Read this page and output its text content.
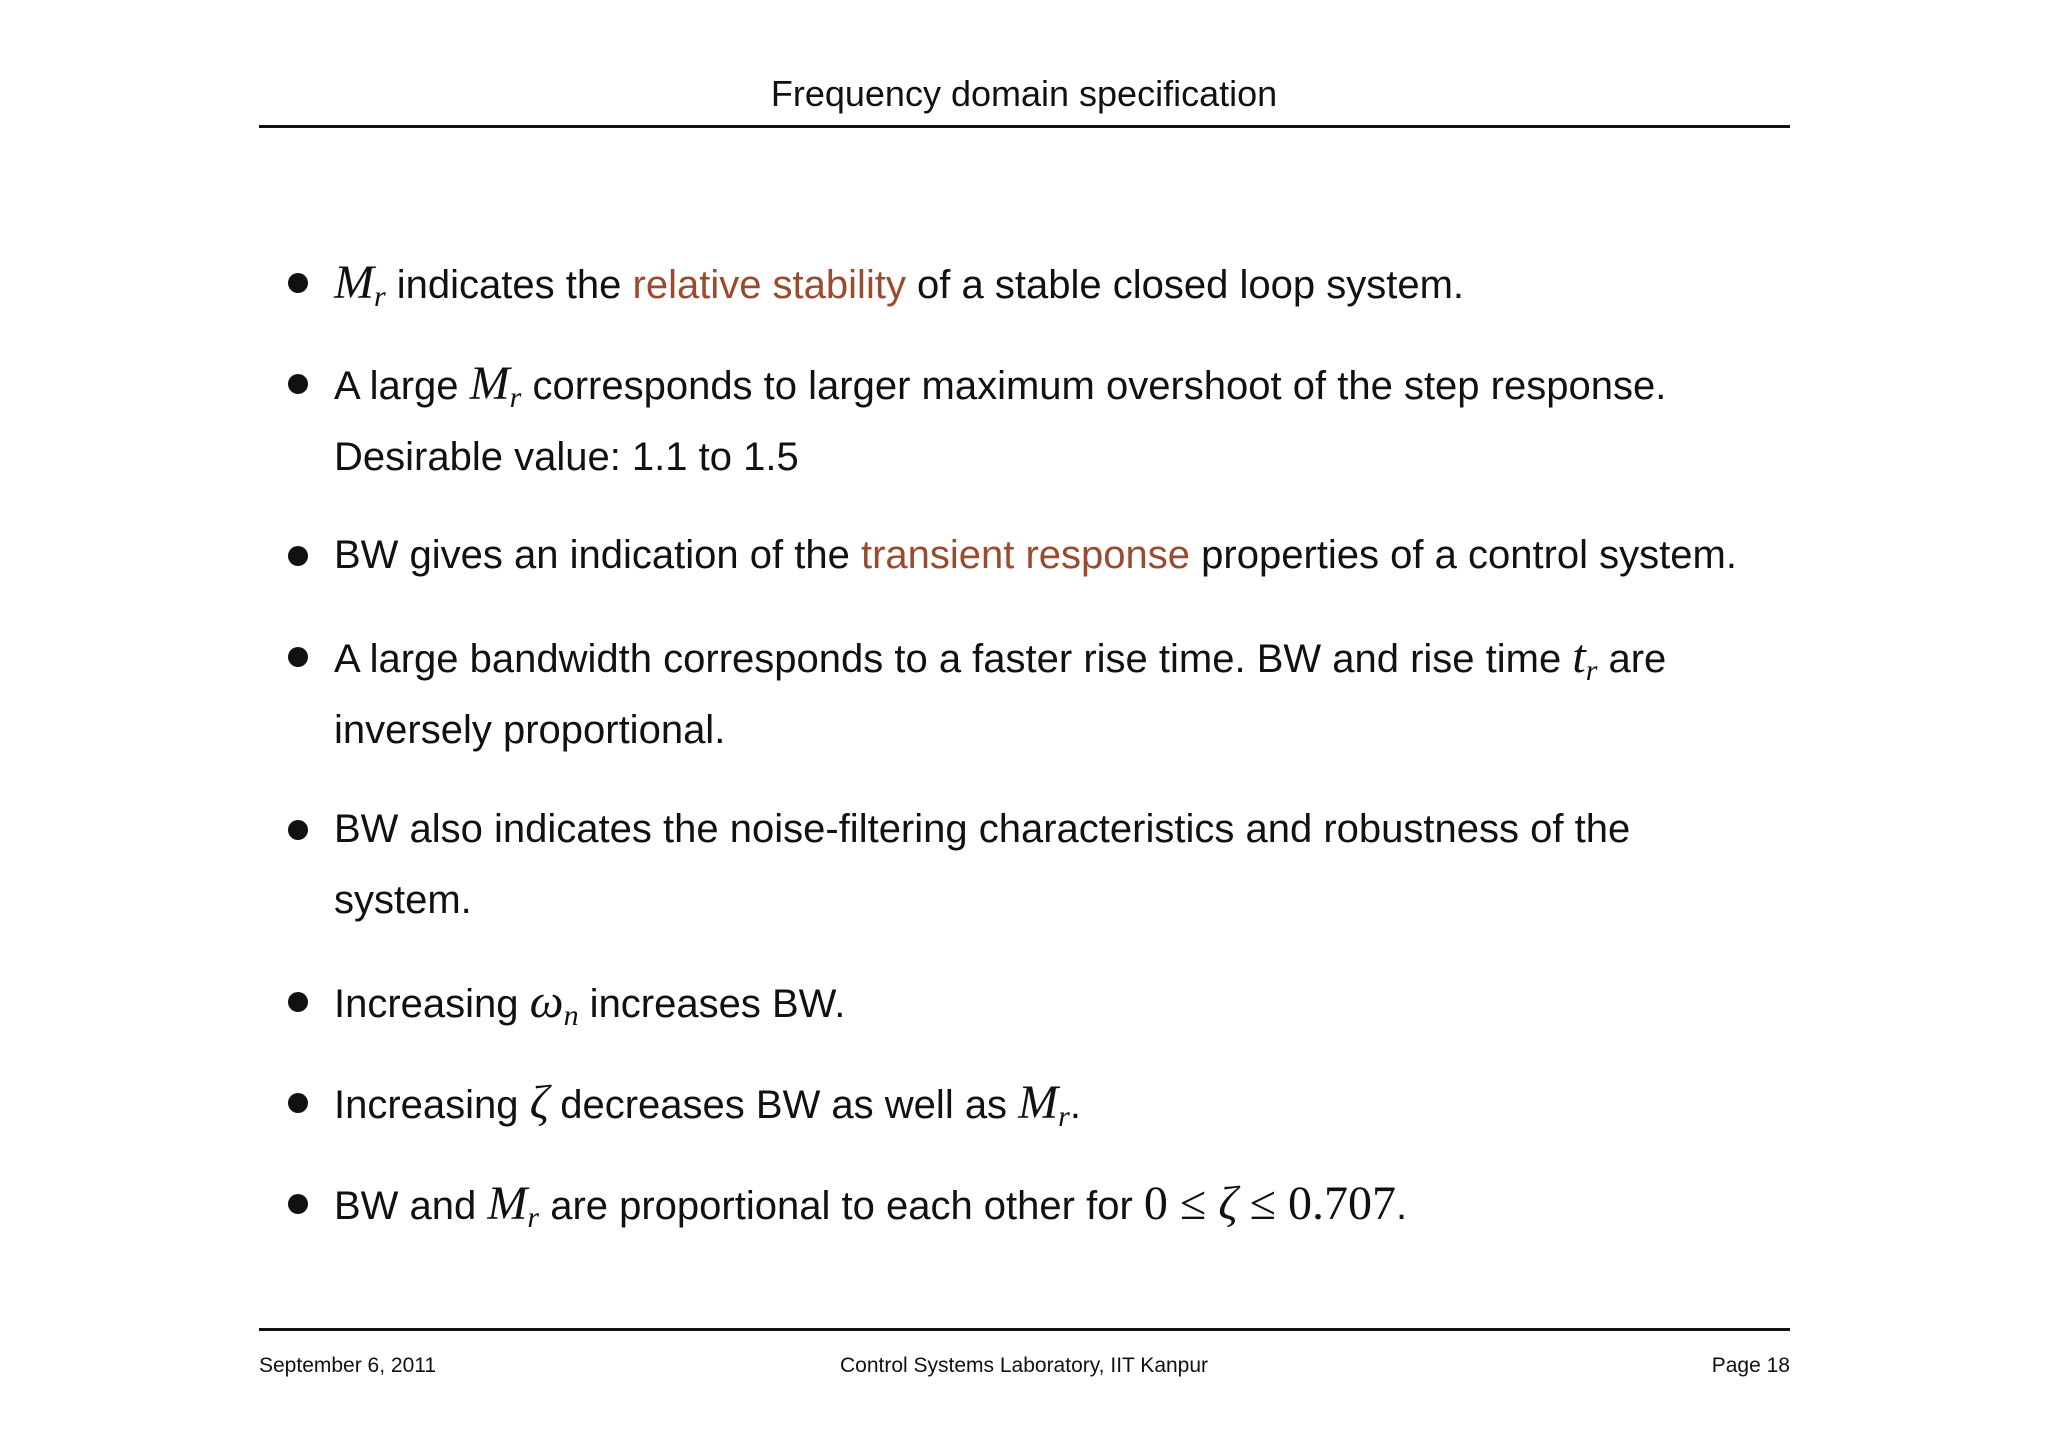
Frequency domain specification
$M_r$ indicates the relative stability of a stable closed loop system.
A large $M_r$ corresponds to larger maximum overshoot of the step response.
Desirable value: 1.1 to 1.5
BW gives an indication of the transient response properties of a control system.
A large bandwidth corresponds to a faster rise time. BW and rise time $t_r$ are
inversely proportional.
BW also indicates the noise-filtering characteristics and robustness of the
system.
Increasing $\omega_n$ increases BW.
Increasing ζ decreases BW as well as $M_r$.
BW and $M_r$ are proportional to each other for 0 ≤ ζ ≤ 0.707.
September 6, 2011	Control Systems Laboratory, IIT Kanpur	Page 18
